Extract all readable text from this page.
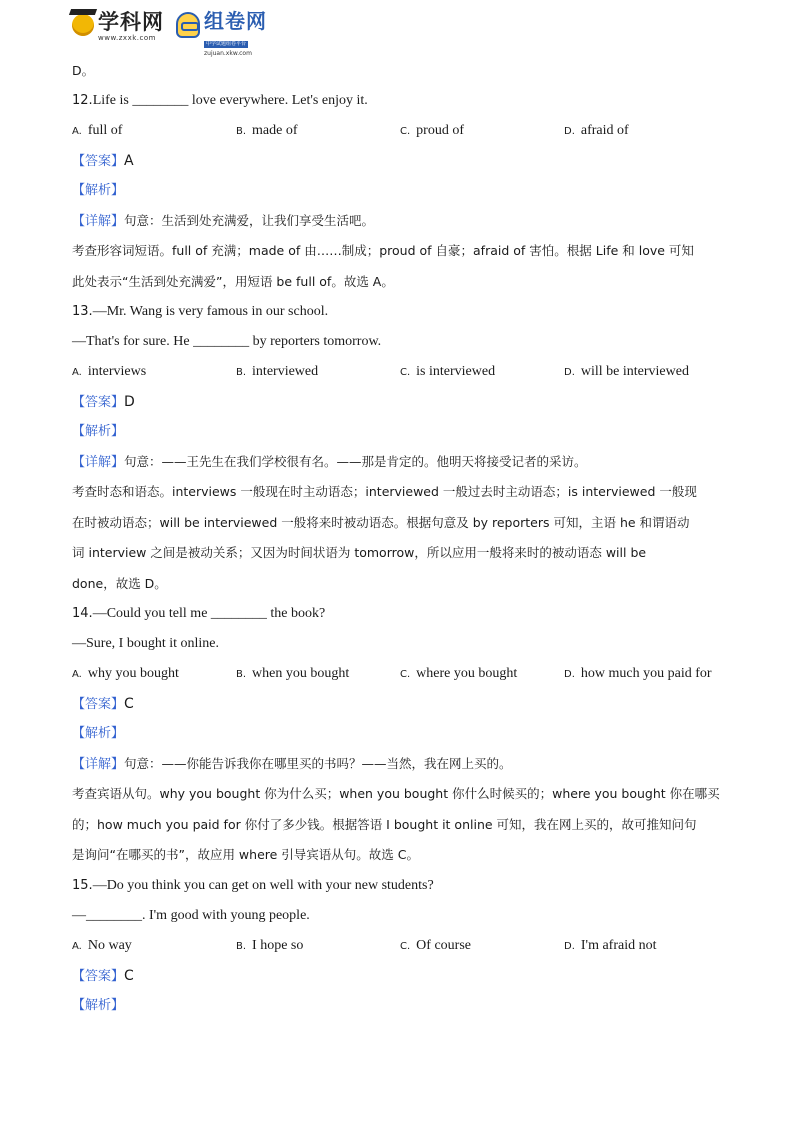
学科网
www.zxxk.com
组卷网
中学试题组卷平台
zujuan.xkw.com
D。
12.Life is ________ love everywhere. Let's enjoy it.
A. full of	B. made of	C. proud of	D. afraid of
【答案】A
【解析】
【详解】句意：生活到处充满爱，让我们享受生活吧。
考查形容词短语。full of 充满；made of 由……制成；proud of 自豪；afraid of 害怕。根据 Life 和 love 可知
此处表示“生活到处充满爱”，用短语 be full of。故选 A。
13.—Mr. Wang is very famous in our school.
—That's for sure. He ________ by reporters tomorrow.
A. interviews	B. interviewed	C. is interviewed	D. will be interviewed
【答案】D
【解析】
【详解】句意：——王先生在我们学校很有名。——那是肯定的。他明天将接受记者的采访。
考查时态和语态。interviews 一般现在时主动语态；interviewed 一般过去时主动语态；is interviewed 一般现
在时被动语态；will be interviewed 一般将来时被动语态。根据句意及 by reporters 可知，主语 he 和谓语动
词 interview 之间是被动关系；又因为时间状语为 tomorrow，所以应用一般将来时的被动语态 will be
done，故选 D。
14.—Could you tell me ________ the book?
—Sure, I bought it online.
A. why you bought	B. when you bought	C. where you bought	D. how much you paid for
【答案】C
【解析】
【详解】句意：——你能告诉我你在哪里买的书吗？——当然，我在网上买的。
考查宾语从句。why you bought 你为什么买；when you bought 你什么时候买的；where you bought 你在哪买
的；how much you paid for 你付了多少钱。根据答语 I bought it online 可知，我在网上买的，故可推知问句
是询问“在哪买的书”，故应用 where 引导宾语从句。故选 C。
15.—Do you think you can get on well with your new students?
—________. I'm good with young people.
A. No way	B. I hope so	C. Of course	D. I'm afraid not
【答案】C
【解析】
